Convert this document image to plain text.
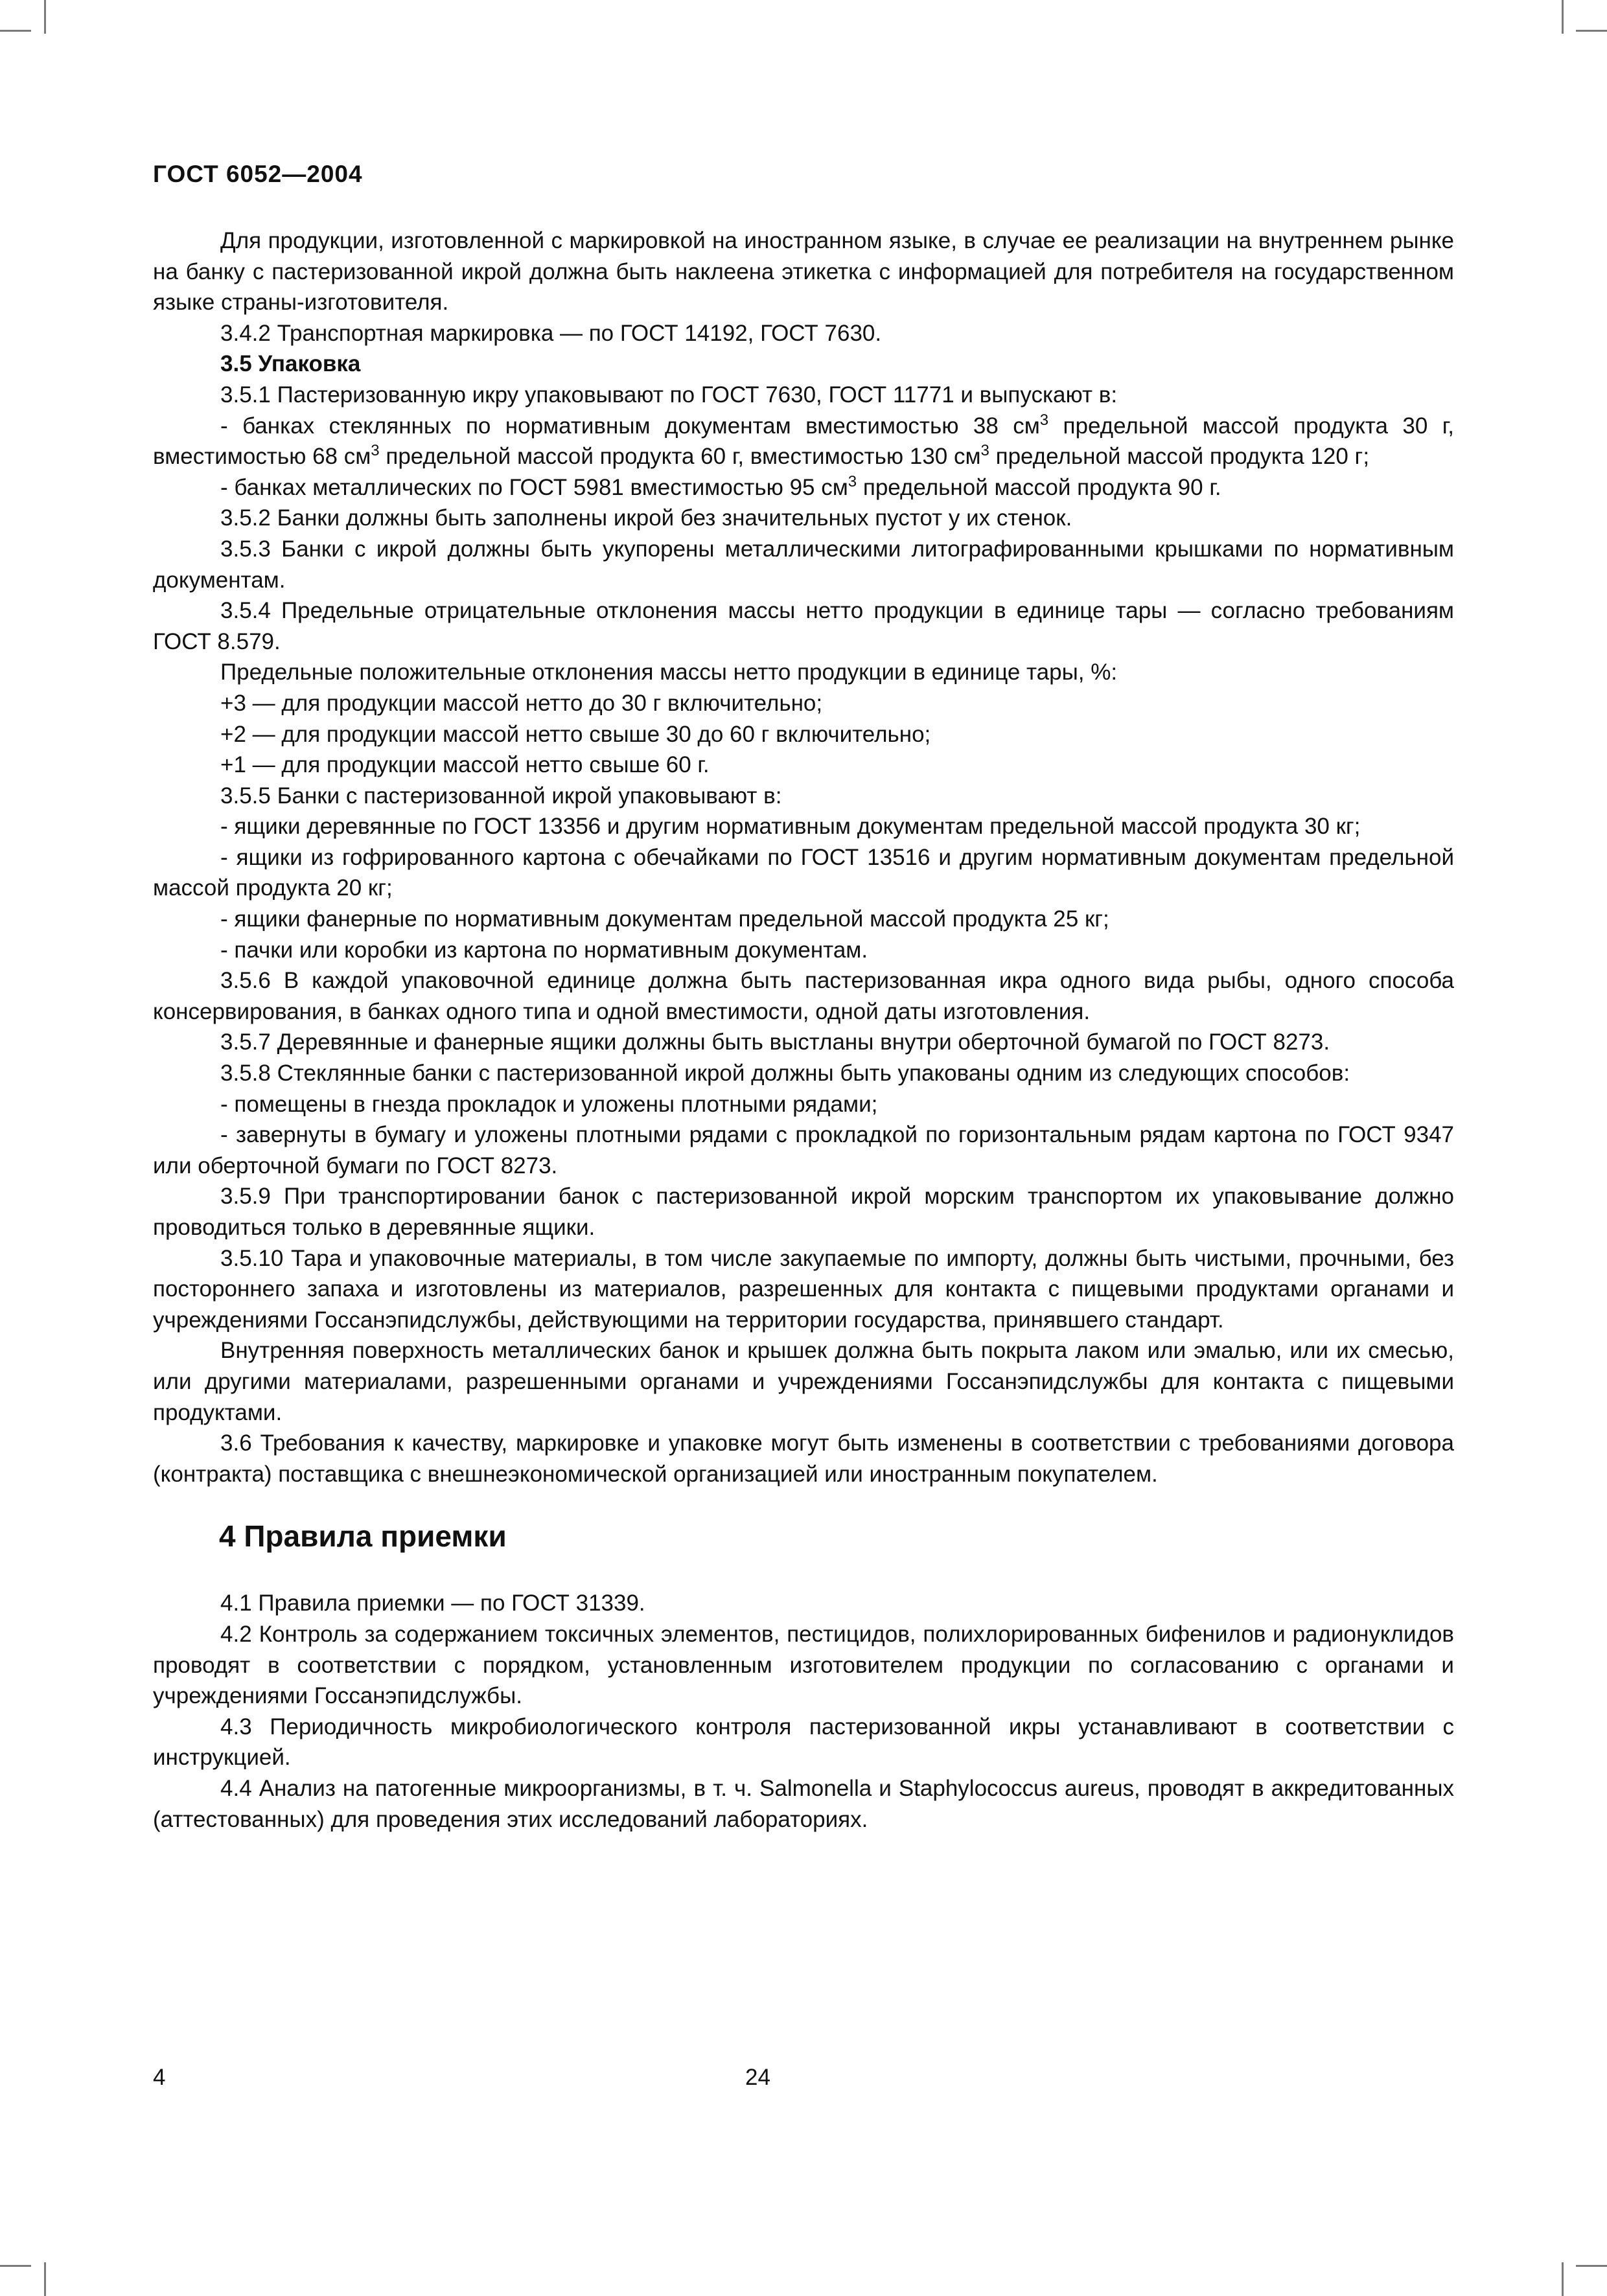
ГОСТ 6052—2004

Для продукции, изготовленной с маркировкой на иностранном языке, в случае ее реализации на внутреннем рынке на банку с пастеризованной икрой должна быть наклеена этикетка с информацией для потребителя на государственном языке страны-изготовителя.

3.4.2 Транспортная маркировка — по ГОСТ 14192, ГОСТ 7630.

3.5 Упаковка

3.5.1 Пастеризованную икру упаковывают по ГОСТ 7630, ГОСТ 11771 и выпускают в:

- банках стеклянных по нормативным документам вместимостью 38 $см^3$ предельной массой продукта 30 г, вместимостью 68 $см^3$ предельной массой продукта 60 г, вместимостью 130 $см^3$ предельной массой продукта 120 г;

- банках металлических по ГОСТ 5981 вместимостью 95 $см^3$ предельной массой продукта 90 г.

3.5.2 Банки должны быть заполнены икрой без значительных пустот у их стенок.

3.5.3 Банки с икрой должны быть укупорены металлическими литографированными крышками по нормативным документам.

3.5.4 Предельные отрицательные отклонения массы нетто продукции в единице тары — согласно требованиям ГОСТ 8.579.

Предельные положительные отклонения массы нетто продукции в единице тары, %:

+3 — для продукции массой нетто до 30 г включительно;

+2 — для продукции массой нетто свыше 30 до 60 г включительно;

+1 — для продукции массой нетто свыше 60 г.

3.5.5 Банки с пастеризованной икрой упаковывают в:

- ящики деревянные по ГОСТ 13356 и другим нормативным документам предельной массой продукта 30 кг;

- ящики из гофрированного картона с обечайками по ГОСТ 13516 и другим нормативным документам предельной массой продукта 20 кг;

- ящики фанерные по нормативным документам предельной массой продукта 25 кг;

- пачки или коробки из картона по нормативным документам.

3.5.6 В каждой упаковочной единице должна быть пастеризованная икра одного вида рыбы, одного способа консервирования, в банках одного типа и одной вместимости, одной даты изготовления.

3.5.7 Деревянные и фанерные ящики должны быть выстланы внутри оберточной бумагой по ГОСТ 8273.

3.5.8 Стеклянные банки с пастеризованной икрой должны быть упакованы одним из следующих способов:

- помещены в гнезда прокладок и уложены плотными рядами;

- завернуты в бумагу и уложены плотными рядами с прокладкой по горизонтальным рядам картона по ГОСТ 9347 или оберточной бумаги по ГОСТ 8273.

3.5.9 При транспортировании банок с пастеризованной икрой морским транспортом их упаковывание должно проводиться только в деревянные ящики.

3.5.10 Тара и упаковочные материалы, в том числе закупаемые по импорту, должны быть чистыми, прочными, без постороннего запаха и изготовлены из материалов, разрешенных для контакта с пищевыми продуктами органами и учреждениями Госсанэпидслужбы, действующими на территории государства, принявшего стандарт.

Внутренняя поверхность металлических банок и крышек должна быть покрыта лаком или эмалью, или их смесью, или другими материалами, разрешенными органами и учреждениями Госсанэпидслужбы для контакта с пищевыми продуктами.

3.6 Требования к качеству, маркировке и упаковке могут быть изменены в соответствии с требованиями договора (контракта) поставщика с внешнеэкономической организацией или иностранным покупателем.

4 Правила приемки

4.1 Правила приемки — по ГОСТ 31339.

4.2 Контроль за содержанием токсичных элементов, пестицидов, полихлорированных бифенилов и радионуклидов проводят в соответствии с порядком, установленным изготовителем продукции по согласованию с органами и учреждениями Госсанэпидслужбы.

4.3 Периодичность микробиологического контроля пастеризованной икры устанавливают в соответствии с инструкцией.

4.4 Анализ на патогенные микроорганизмы, в т. ч. Salmonella и Staphylococcus aureus, проводят в аккредитованных (аттестованных) для проведения этих исследований лабораториях.

4	24
